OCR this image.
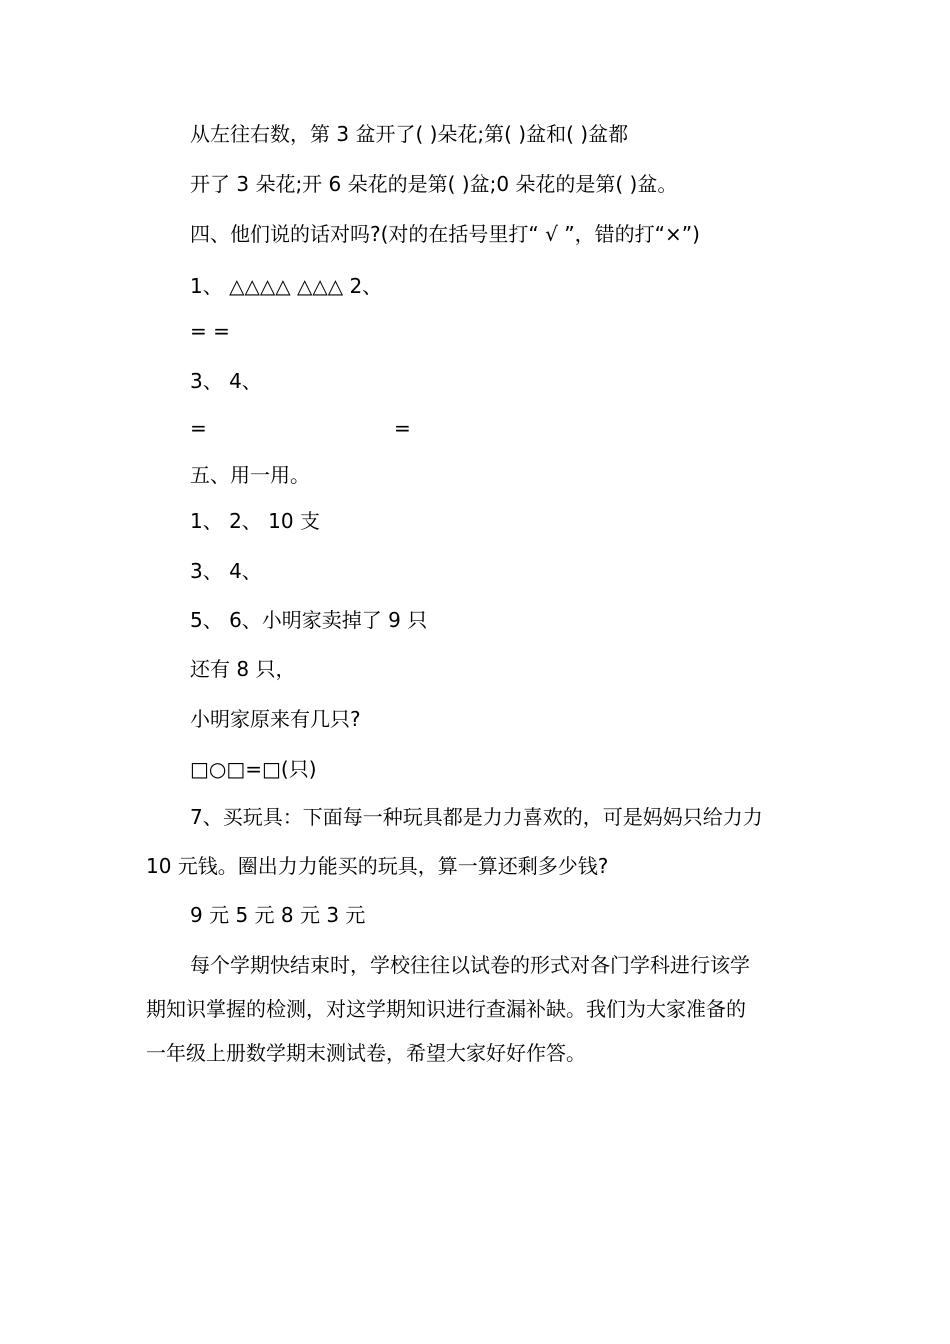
从左往右数，第 3 盆开了( )朵花;第( )盆和( )盆都
开了 3 朵花;开 6 朵花的是第( )盆;0 朵花的是第( )盆。
四、他们说的话对吗?(对的在括号里打“ √ ”，错的打“×”)
1、 △△△△ △△△ 2、
= =
3、 4、
=	=
五、用一用。
1、 2、 10 支
3、 4、
5、 6、小明家卖掉了 9 只
还有 8 只，
小明家原来有几只?
□○□=□(只)
7、买玩具：下面每一种玩具都是力力喜欢的，可是妈妈只给力力
10 元钱。圈出力力能买的玩具，算一算还剩多少钱?
9 元 5 元 8 元 3 元
每个学期快结束时，学校往往以试卷的形式对各门学科进行该学
期知识掌握的检测，对这学期知识进行查漏补缺。我们为大家准备的
一年级上册数学期末测试卷，希望大家好好作答。
